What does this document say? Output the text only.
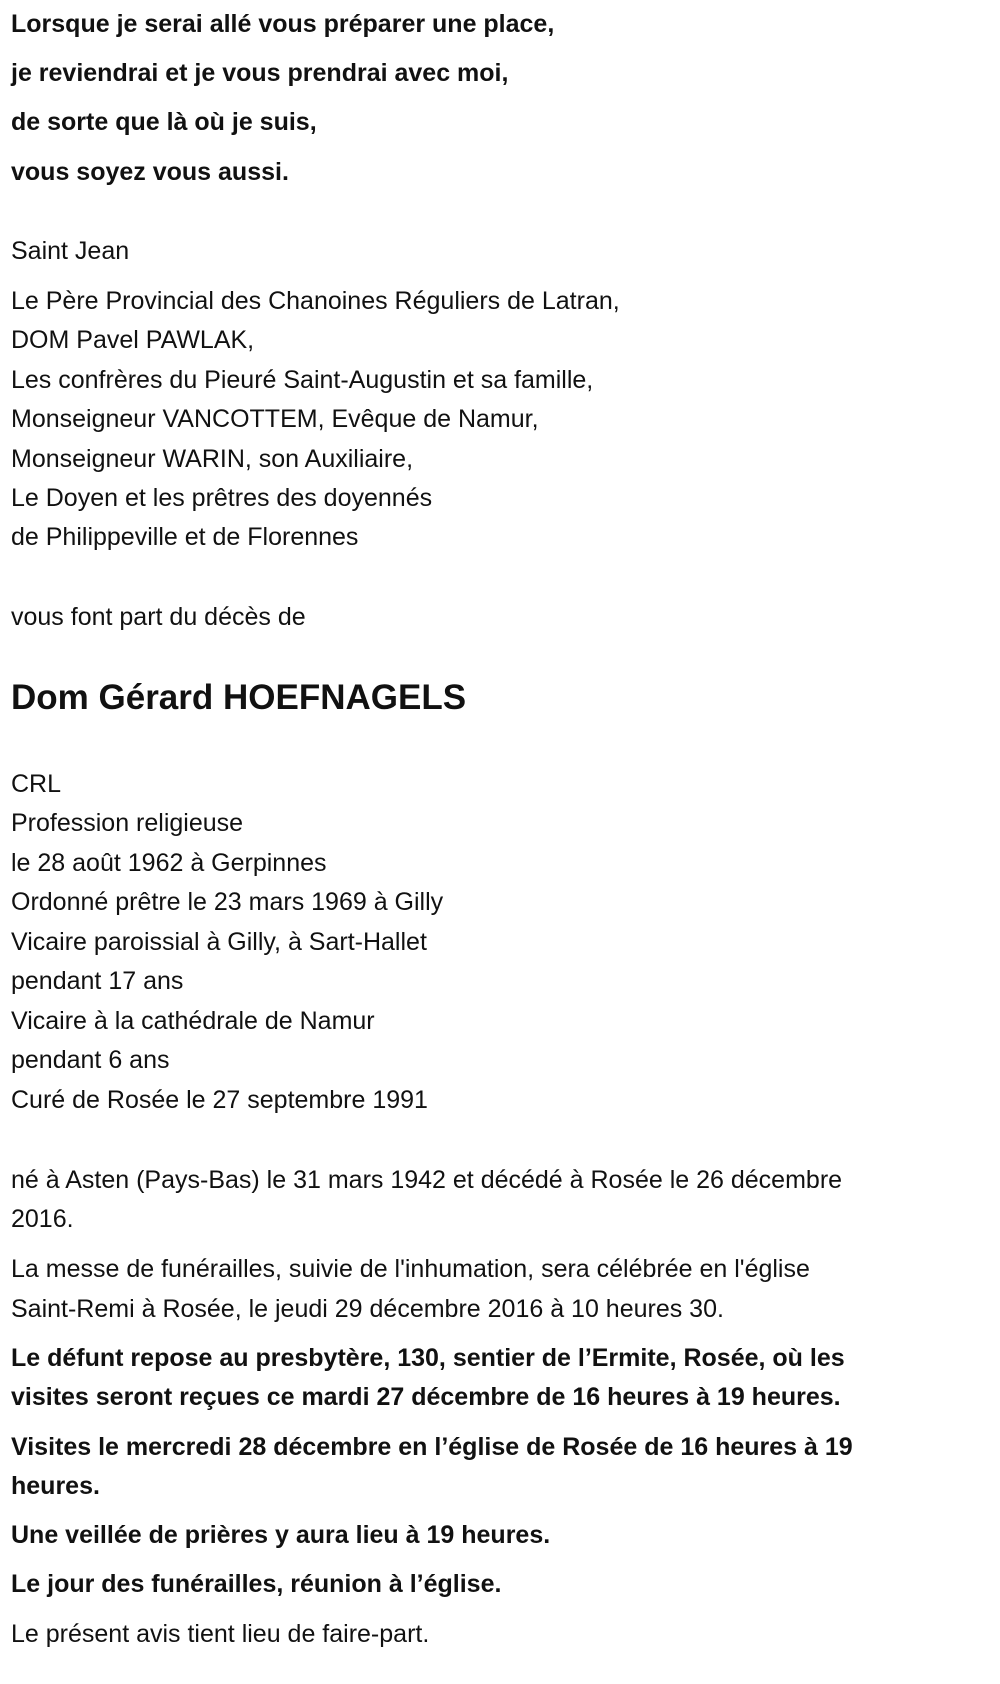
Lorsque je serai allé vous préparer une place,
je reviendrai et je vous prendrai avec moi,
de sorte que là où je suis,
vous soyez vous aussi.
Saint Jean
Le Père Provincial des Chanoines Réguliers de Latran,
DOM Pavel PAWLAK,
Les confrères du Pieuré Saint-Augustin et sa famille,
Monseigneur VANCOTTEM, Evêque de Namur,
Monseigneur WARIN, son Auxiliaire,
Le Doyen et les prêtres des doyennés
de Philippeville et de Florennes
vous font part du décès de
Dom Gérard HOEFNAGELS
CRL
Profession religieuse
le 28 août 1962 à Gerpinnes
Ordonné prêtre le 23 mars 1969 à Gilly
Vicaire paroissial à Gilly, à Sart-Hallet
pendant 17 ans
Vicaire à la cathédrale de Namur
pendant 6 ans
Curé de Rosée le 27 septembre 1991
né à Asten (Pays-Bas) le 31 mars 1942 et décédé à Rosée le 26 décembre
2016.
La messe de funérailles, suivie de l'inhumation, sera célébrée en l'église
Saint-Remi à Rosée, le jeudi 29 décembre 2016 à 10 heures 30.
Le défunt repose au presbytère, 130, sentier de l’Ermite, Rosée, où les
visites seront reçues ce mardi 27 décembre de 16 heures à 19 heures.
Visites le mercredi 28 décembre en l’église de Rosée de 16 heures à 19
heures.
Une veillée de prières y aura lieu à 19 heures.
Le jour des funérailles, réunion à l’église.
Le présent avis tient lieu de faire-part.
